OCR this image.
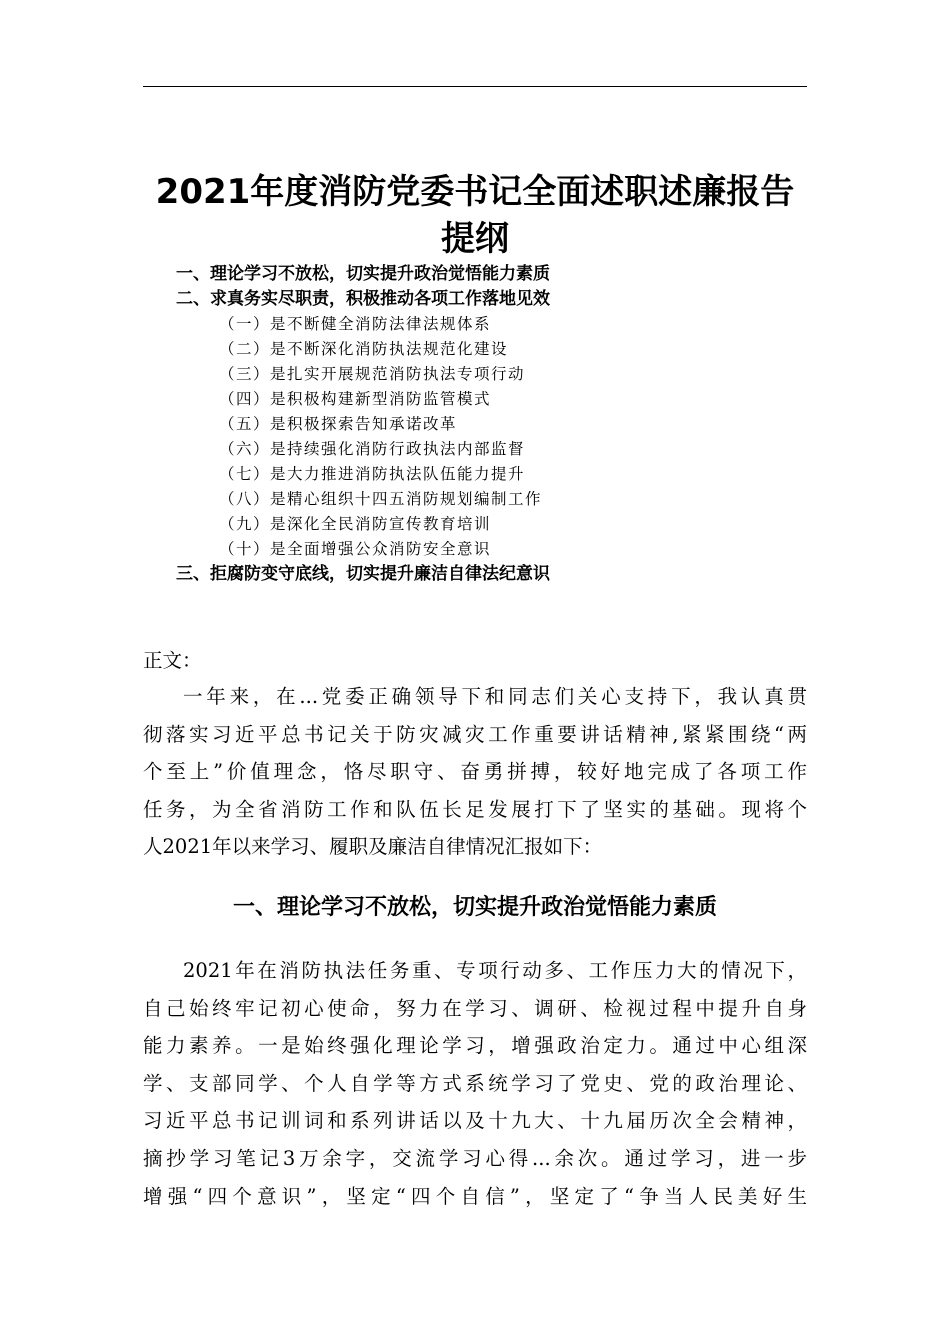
2021年度消防党委书记全面述职述廉报告
提纲
一、理论学习不放松，切实提升政治觉悟能力素质
二、求真务实尽职责，积极推动各项工作落地见效
（一）是不断健全消防法律法规体系
（二）是不断深化消防执法规范化建设
（三）是扎实开展规范消防执法专项行动
（四）是积极构建新型消防监管模式
（五）是积极探索告知承诺改革
（六）是持续强化消防行政执法内部监督
（七）是大力推进消防执法队伍能力提升
（八）是精心组织十四五消防规划编制工作
（九）是深化全民消防宣传教育培训
（十）是全面增强公众消防安全意识
三、拒腐防变守底线，切实提升廉洁自律法纪意识
正文：

一年来，在...党委正确领导下和同志们关心支持下，我认真贯
彻落实习近平总书记关于防灾减灾工作重要讲话精神,紧紧围绕“两
个至上”价值理念，恪尽职守、奋勇拼搏，较好地完成了各项工作
任务，为全省消防工作和队伍长足发展打下了坚实的基础。现将个
人2021年以来学习、履职及廉洁自律情况汇报如下：

一、理论学习不放松，切实提升政治觉悟能力素质

2021年在消防执法任务重、专项行动多、工作压力大的情况下，
自己始终牢记初心使命，努力在学习、调研、检视过程中提升自身
能力素养。一是始终强化理论学习，增强政治定力。通过中心组深
学、支部同学、个人自学等方式系统学习了党史、党的政治理论、
习近平总书记训词和系列讲话以及十九大、十九届历次全会精神，
摘抄学习笔记3万余字，交流学习心得...余次。通过学习，进一步
增强“四个意识”，坚定“四个自信”，坚定了“争当人民美好生
